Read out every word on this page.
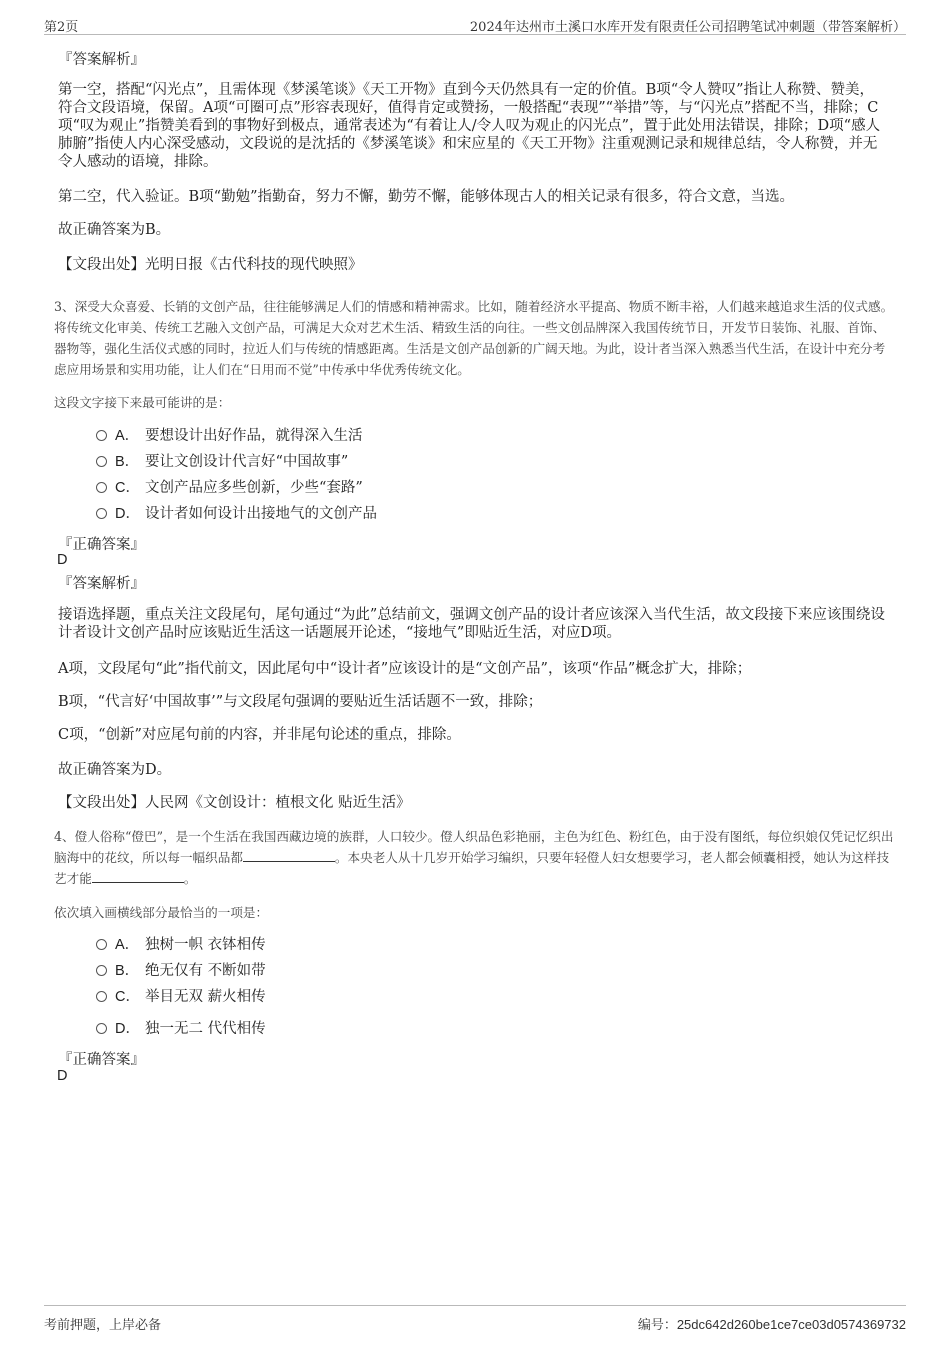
第2页	2024年达州市土溪口水库开发有限责任公司招聘笔试冲刺题（带答案解析）
『答案解析』
第一空，搭配“闪光点”，且需体现《梦溪笔谈》《天工开物》直到今天仍然具有一定的价值。B项“令人赞叹”指让人称赞、赞美，符合文段语境，保留。A项“可圈可点”形容表现好，值得肯定或赞扬，一般搭配“表现”“举措”等，与“闪光点”搭配不当，排除；C项“叹为观止”指赞美看到的事物好到极点，通常表述为“有着让人/令人叹为观止的闪光点”，置于此处用法错误，排除；D项“感人肺腑”指使人内心深受感动，文段说的是沈括的《梦溪笔谈》和宋应星的《天工开物》注重观测记录和规律总结，令人称赞，并无令人感动的语境，排除。
第二空，代入验证。B项“勤勉”指勤奋，努力不懈，勤劳不懈，能够体现古人的相关记录有很多，符合文意，当选。
故正确答案为B。
【文段出处】光明日报《古代科技的现代映照》
3、深受大众喜爱、长销的文创产品，往往能够满足人们的情感和精神需求。比如，随着经济水平提高、物质不断丰裕，人们越来越追求生活的仪式感。将传统文化审美、传统工艺融入文创产品，可满足大众对艺术生活、精致生活的向往。一些文创品牌深入我国传统节日，开发节日装饰、礼服、首饰、器物等，强化生活仪式感的同时，拉近人们与传统的情感距离。生活是文创产品创新的广阔天地。为此，设计者当深入熟悉当代生活，在设计中充分考虑应用场景和实用功能，让人们在“日用而不觉”中传承中华优秀传统文化。
这段文字接下来最可能讲的是：
A． 要想设计出好作品，就得深入生活
B． 要让文创设计代言好“中国故事”
C． 文创产品应多些创新，少些“套路”
D． 设计者如何设计出接地气的文创产品
『正确答案』
D
『答案解析』
接语选择题，重点关注文段尾句，尾句通过“为此”总结前文，强调文创产品的设计者应该深入当代生活，故文段接下来应该围绕设计者设计文创产品时应该贴近生活这一话题展开论述，“接地气”即贴近生活，对应D项。
A项，文段尾句“此”指代前文，因此尾句中“设计者”应该设计的是“文创产品”，该项“作品”概念扩大，排除；
B项，“代言好‘中国故事’”与文段尾句强调的要贴近生活话题不一致，排除；
C项，“创新”对应尾句前的内容，并非尾句论述的重点，排除。
故正确答案为D。
【文段出处】人民网《文创设计：植根文化 贴近生活》
4、僜人俗称“僜巴”，是一个生活在我国西藏边境的族群，人口较少。僜人织品色彩艳丽，主色为红色、粉红色，由于没有图纸，每位织娘仅凭记忆织出脑海中的花纹，所以每一幅织品都	。本央老人从十几岁开始学习编织，只要年轻僜人妇女想要学习，老人都会倾囊相授，她认为这样技艺才能	。
依次填入画横线部分最恰当的一项是：
A． 独树一帜 衣钵相传
B． 绝无仅有 不断如带
C． 举目无双 薪火相传
D． 独一无二 代代相传
『正确答案』
D
考前押题，上岸必备	编号：25dc642d260be1ce7ce03d0574369732
